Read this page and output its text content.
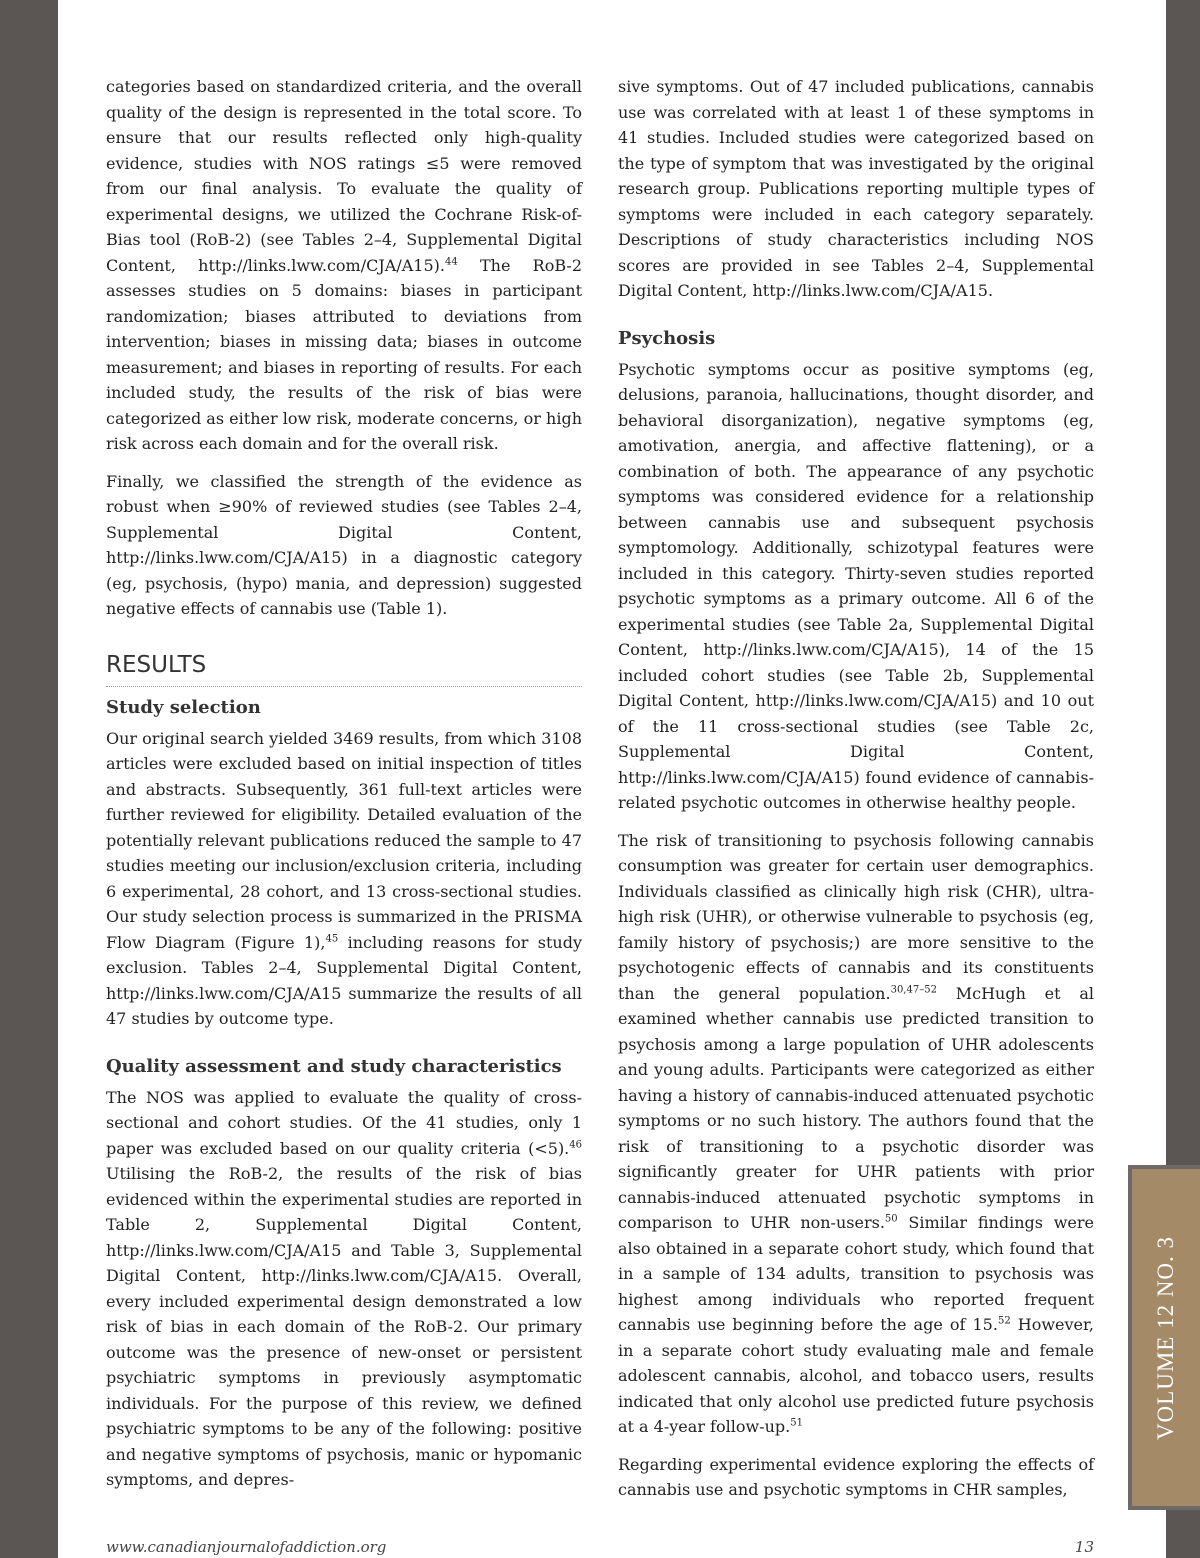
VOLUME 12 NO. 3

categories based on standardized criteria, and the overall quality of the design is represented in the total score. To ensure that our results reflected only high-quality evidence, studies with NOS ratings ≤5 were removed from our final analysis. To evaluate the quality of experimental designs, we utilized the Cochrane Risk-of-Bias tool (RoB-2) (see Tables 2–4, Supplemental Digital Content, http://links.lww.com/CJA/A15).$^{44}$ The RoB-2 assesses studies on 5 domains: biases in participant randomization; biases attributed to deviations from intervention; biases in missing data; biases in outcome measurement; and biases in reporting of results. For each included study, the results of the risk of bias were categorized as either low risk, moderate concerns, or high risk across each domain and for the overall risk.

Finally, we classified the strength of the evidence as robust when ≥90% of reviewed studies (see Tables 2–4, Supplemental Digital Content, http://links.lww.com/CJA/A15) in a diagnostic category (eg, psychosis, (hypo) mania, and depression) suggested negative effects of cannabis use (Table 1).

RESULTS
Study selection

Our original search yielded 3469 results, from which 3108 articles were excluded based on initial inspection of titles and abstracts. Subsequently, 361 full-text articles were further reviewed for eligibility. Detailed evaluation of the potentially relevant publications reduced the sample to 47 studies meeting our inclusion/exclusion criteria, including 6 experimental, 28 cohort, and 13 cross-sectional studies. Our study selection process is summarized in the PRISMA Flow Diagram (Figure 1),$^{45}$ including reasons for study exclusion. Tables 2–4, Supplemental Digital Content, http://links.lww.com/CJA/A15 summarize the results of all 47 studies by outcome type.

Quality assessment and study characteristics

The NOS was applied to evaluate the quality of cross-sectional and cohort studies. Of the 41 studies, only 1 paper was excluded based on our quality criteria (<5).$^{46}$ Utilising the RoB-2, the results of the risk of bias evidenced within the experimental studies are reported in Table 2, Supplemental Digital Content, http://links.lww.com/CJA/A15 and Table 3, Supplemental Digital Content, http://links.lww.com/CJA/A15. Overall, every included experimental design demonstrated a low risk of bias in each domain of the RoB-2. Our primary outcome was the presence of new-onset or persistent psychiatric symptoms in previously asymptomatic individuals. For the purpose of this review, we defined psychiatric symptoms to be any of the following: positive and negative symptoms of psychosis, manic or hypomanic symptoms, and depres-

sive symptoms. Out of 47 included publications, cannabis use was correlated with at least 1 of these symptoms in 41 studies. Included studies were categorized based on the type of symptom that was investigated by the original research group. Publications reporting multiple types of symptoms were included in each category separately. Descriptions of study characteristics including NOS scores are provided in see Tables 2–4, Supplemental Digital Content, http://links.lww.com/CJA/A15.

Psychosis

Psychotic symptoms occur as positive symptoms (eg, delusions, paranoia, hallucinations, thought disorder, and behavioral disorganization), negative symptoms (eg, amotivation, anergia, and affective flattening), or a combination of both. The appearance of any psychotic symptoms was considered evidence for a relationship between cannabis use and subsequent psychosis symptomology. Additionally, schizotypal features were included in this category. Thirty-seven studies reported psychotic symptoms as a primary outcome. All 6 of the experimental studies (see Table 2a, Supplemental Digital Content, http://links.lww.com/CJA/A15), 14 of the 15 included cohort studies (see Table 2b, Supplemental Digital Content, http://links.lww.com/CJA/A15) and 10 out of the 11 cross-sectional studies (see Table 2c, Supplemental Digital Content, http://links.lww.com/CJA/A15) found evidence of cannabis-related psychotic outcomes in otherwise healthy people.

The risk of transitioning to psychosis following cannabis consumption was greater for certain user demographics. Individuals classified as clinically high risk (CHR), ultra-high risk (UHR), or otherwise vulnerable to psychosis (eg, family history of psychosis;) are more sensitive to the psychotogenic effects of cannabis and its constituents than the general population.$^{30,47-52}$ McHugh et al examined whether cannabis use predicted transition to psychosis among a large population of UHR adolescents and young adults. Participants were categorized as either having a history of cannabis-induced attenuated psychotic symptoms or no such history. The authors found that the risk of transitioning to a psychotic disorder was significantly greater for UHR patients with prior cannabis-induced attenuated psychotic symptoms in comparison to UHR non-users.$^{50}$ Similar findings were also obtained in a separate cohort study, which found that in a sample of 134 adults, transition to psychosis was highest among individuals who reported frequent cannabis use beginning before the age of 15.52 However, in a separate cohort study evaluating male and female adolescent cannabis, alcohol, and tobacco users, results indicated that only alcohol use predicted future psychosis at a 4-year follow-up.$^{51}$

Regarding experimental evidence exploring the effects of cannabis use and psychotic symptoms in CHR samples,

www.canadianjournalofaddiction.org	13
